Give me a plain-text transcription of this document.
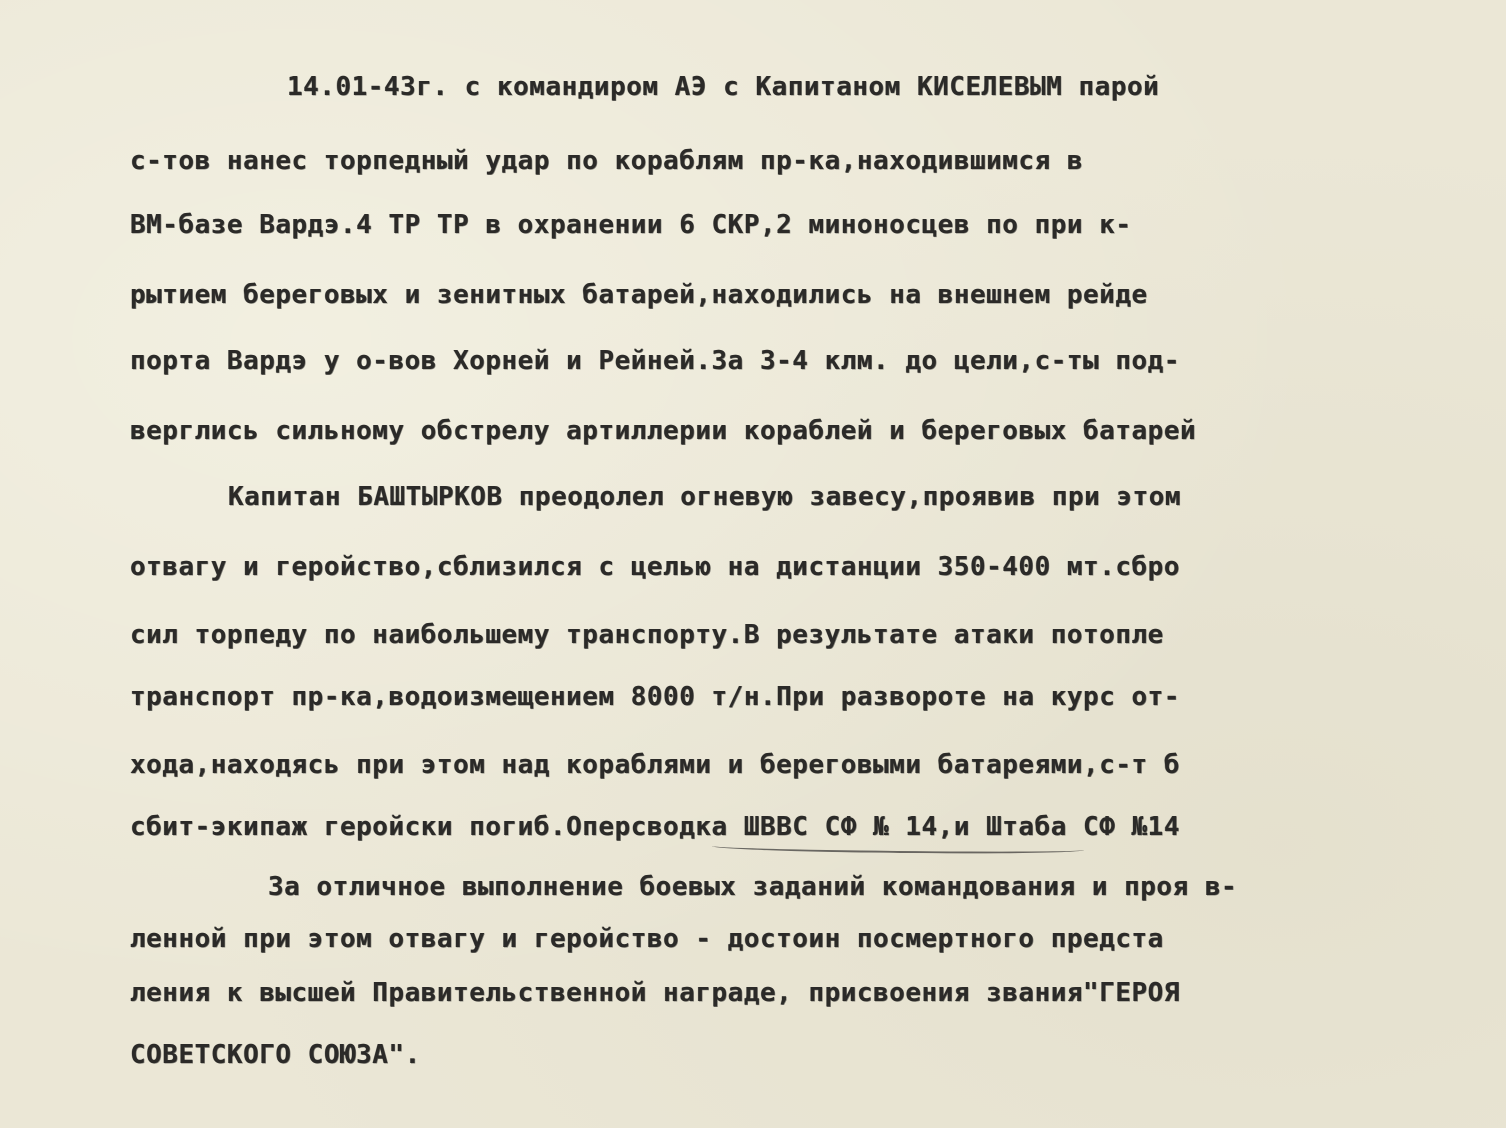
14.01-43г. с командиром АЭ с Капитаном КИСЕЛЕВЫМ парой
с-тов нанес торпедный удар по кораблям пр-ка,находившимся в
ВМ-базе Вардэ.4 ТР ТР в охранении 6 СКР,2 миноносцев по при к-
рытием береговых и зенитных батарей,находились на внешнем рейде
порта Вардэ у о-вов Хорней и Рейней.За 3-4 клм. до цели,с-ты под-
верглись сильному обстрелу артиллерии кораблей и береговых батарей
Капитан БАШТЫРКОВ преодолел огневую завесу,проявив при этом
отвагу и геройство,сблизился с целью на дистанции 350-400 мт.сбро
сил торпеду по наибольшему транспорту.В результате атаки потопле
транспорт пр-ка,водоизмещением 8000 т/н.При развороте на курс от-
хода,находясь при этом над кораблями и береговыми батареями,с-т б
сбит-экипаж геройски погиб.Оперсводка ШВВС СФ № 14,и Штаба СФ №14
За отличное выполнение боевых заданий командования и проя в-
ленной при этом отвагу и геройство - достоин посмертного предста
ления к высшей Правительственной награде, присвоения звания"ГЕРОЯ
СОВЕТСКОГО СОЮЗА".
